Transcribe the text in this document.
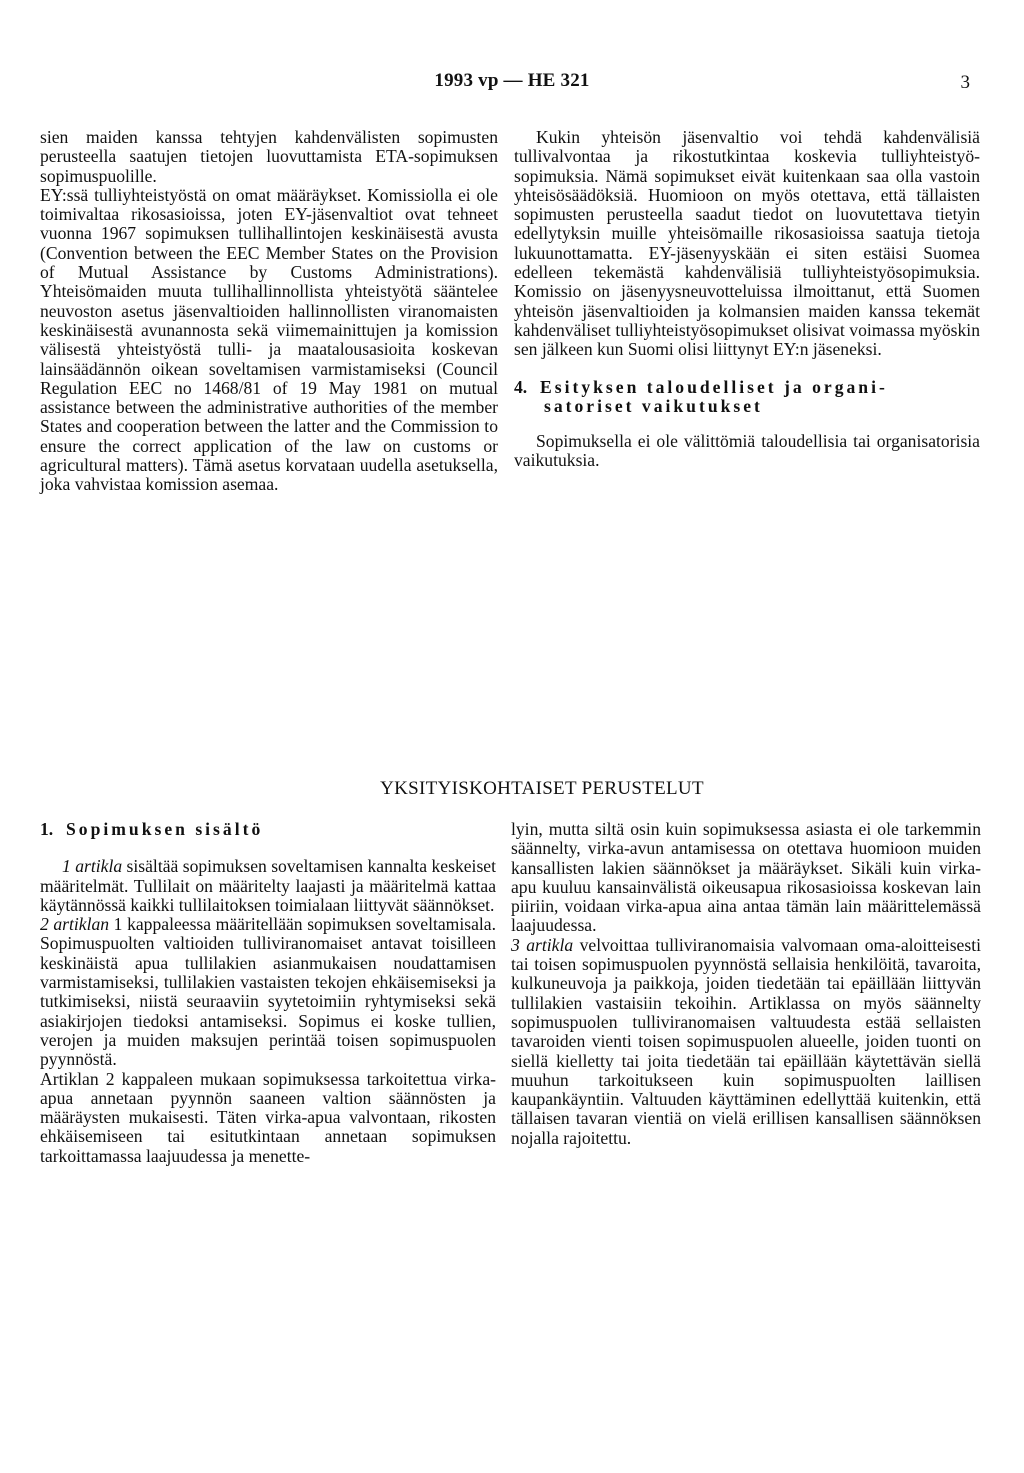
1993 vp — HE 321	3

sien maiden kanssa tehtyjen kahdenvälisten sopimusten perusteella saatujen tietojen luovuttamista ETA-sopimuksen sopimuspuolille.

EY:ssä tulliyhteistyöstä on omat määräykset. Komissiolla ei ole toimivaltaa rikosasioissa, joten EY-jäsenvaltiot ovat tehneet vuonna 1967 sopimuksen tullihallintojen keskinäisestä avusta (Convention between the EEC Member States on the Provision of Mutual Assistance by Customs Administrations). Yhteisömaiden muuta tullihallinnollista yhteistyötä sääntelee neuvoston asetus jäsenvaltioiden hallinnollisten viranomaisten keskinäisestä avunannosta sekä viimemainittujen ja komission välisestä yhteistyöstä tulli- ja maatalousasioita koskevan lainsäädännön oikean soveltamisen varmistamiseksi (Council Regulation EEC no 1468/81 of 19 May 1981 on mutual assistance between the administrative authorities of the member States and cooperation between the latter and the Commission to ensure the correct application of the law on customs or agricultural matters). Tämä asetus korvataan uudella asetuksella, joka vahvistaa komission asemaa.

Kukin yhteisön jäsenvaltio voi tehdä kahdenvälisiä tullivalvontaa ja rikostutkintaa koskevia tulliyhteistyö-sopimuksia. Nämä sopimukset eivät kuitenkaan saa olla vastoin yhteisösäädöksiä. Huomioon on myös otettava, että tällaisten sopimusten perusteella saadut tiedot on luovutettava tietyin edellytyksin muille yhteisömaille rikosasioissa saatuja tietoja lukuunottamatta. EY-jäsenyyskään ei siten estäisi Suomea edelleen tekemästä kahdenvälisiä tulliyhteistyösopimuksia. Komissio on jäsenyysneuvotteluissa ilmoittanut, että Suomen yhteisön jäsenvaltioiden ja kolmansien maiden kanssa tekemät kahdenväliset tulliyhteistyösopimukset olisivat voimassa myöskin sen jälkeen kun Suomi olisi liittynyt EY:n jäseneksi.

4. Esityksen taloudelliset ja organi-
satoriset vaikutukset

Sopimuksella ei ole välittömiä taloudellisia tai organisatorisia vaikutuksia.

YKSITYISKOHTAISET PERUSTELUT
1. Sopimuksen sisältö

1 artikla sisältää sopimuksen soveltamisen kannalta keskeiset määritelmät. Tullilait on määritelty laajasti ja määritelmä kattaa käytännössä kaikki tullilaitoksen toimialaan liittyvät säännökset.

2 artiklan 1 kappaleessa määritellään sopimuksen soveltamisala. Sopimuspuolten valtioiden tulliviranomaiset antavat toisilleen keskinäistä apua tullilakien asianmukaisen noudattamisen varmistamiseksi, tullilakien vastaisten tekojen ehkäisemiseksi ja tutkimiseksi, niistä seuraaviin syytetoimiin ryhtymiseksi sekä asiakirjojen tiedoksi antamiseksi. Sopimus ei koske tullien, verojen ja muiden maksujen perintää toisen sopimuspuolen pyynnöstä.

Artiklan 2 kappaleen mukaan sopimuksessa tarkoitettua virka-apua annetaan pyynnön saaneen valtion säännösten ja määräysten mukaisesti. Täten virka-apua valvontaan, rikosten ehkäisemiseen tai esitutkintaan annetaan sopimuksen tarkoittamassa laajuudessa ja menette-

lyin, mutta siltä osin kuin sopimuksessa asiasta ei ole tarkemmin säännelty, virka-avun antamisessa on otettava huomioon muiden kansallisten lakien säännökset ja määräykset. Sikäli kuin virka-apu kuuluu kansainvälistä oikeusapua rikosasioissa koskevan lain piiriin, voidaan virka-apua aina antaa tämän lain määrittelemässä laajuudessa.

3 artikla velvoittaa tulliviranomaisia valvomaan oma-aloitteisesti tai toisen sopimuspuolen pyynnöstä sellaisia henkilöitä, tavaroita, kulkuneuvoja ja paikkoja, joiden tiedetään tai epäillään liittyvän tullilakien vastaisiin tekoihin. Artiklassa on myös säännelty sopimuspuolen tulliviranomaisen valtuudesta estää sellaisten tavaroiden vienti toisen sopimuspuolen alueelle, joiden tuonti on siellä kielletty tai joita tiedetään tai epäillään käytettävän siellä muuhun tarkoitukseen kuin sopimuspuolten laillisen kaupankäyntiin. Valtuuden käyttäminen edellyttää kuitenkin, että tällaisen tavaran vientiä on vielä erillisen kansallisen säännöksen nojalla rajoitettu.
